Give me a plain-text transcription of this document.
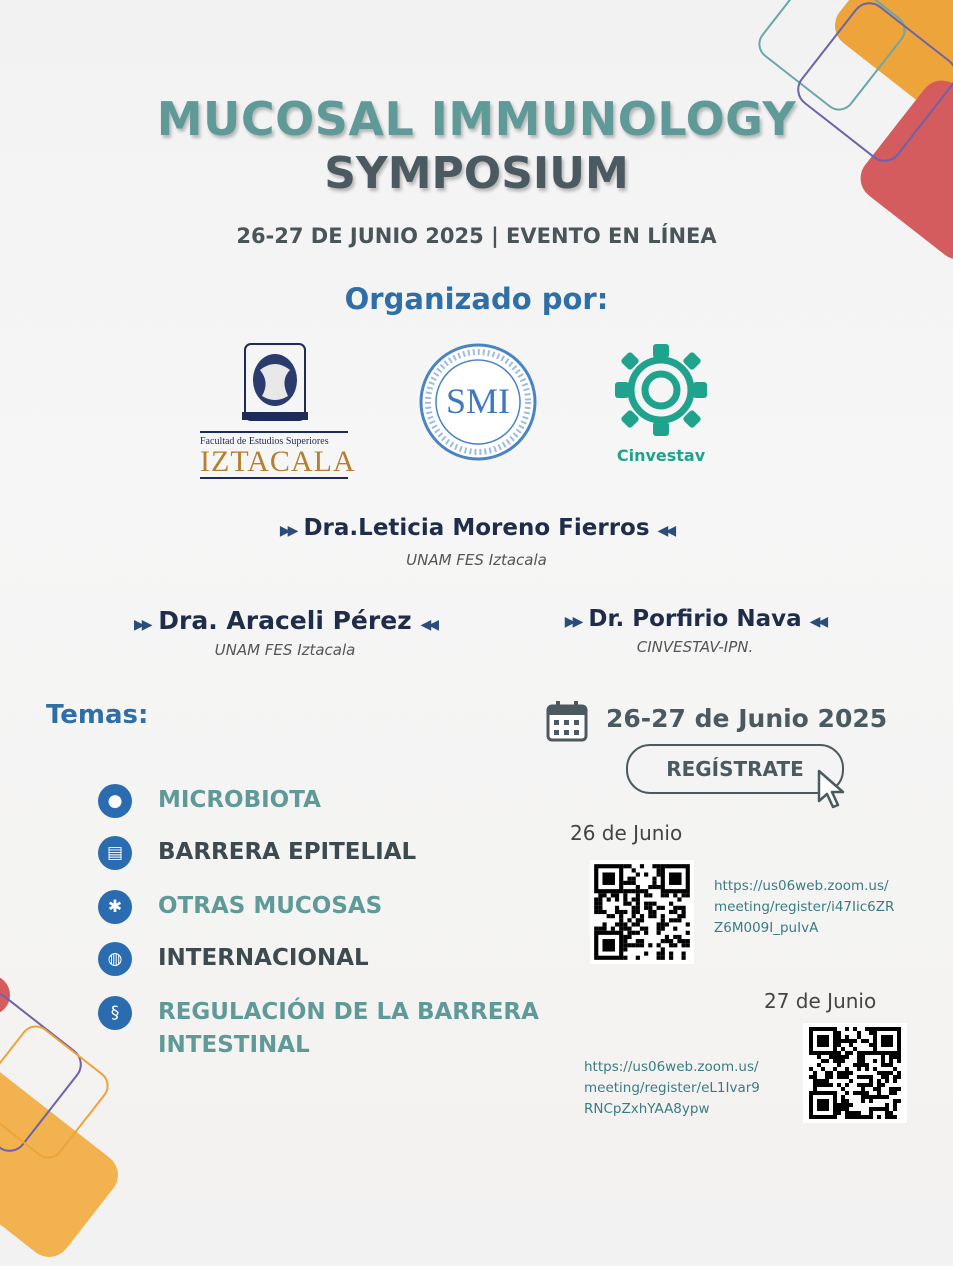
MUCOSAL IMMUNOLOGY
SYMPOSIUM
26-27 DE JUNIO 2025 | EVENTO EN LÍNEA
Organizado por:
Facultad de Estudios Superiores
IZTACALA
SMI
Cinvestav
▶▶ Dra.Leticia Moreno Fierros ◀◀
UNAM FES Iztacala
▶▶ Dra. Araceli Pérez ◀◀
UNAM FES Iztacala
▶▶ Dr. Porfirio Nava ◀◀
CINVESTAV-IPN.
Temas:
●	MICROBIOTA
▤	BARRERA EPITELIAL
✱	OTRAS MUCOSAS
◍	INTERNACIONAL
§	REGULACIÓN DE LA BARRERA
INTESTINAL
26-27 de Junio 2025
REGÍSTRATE
26 de Junio
https://us06web.zoom.us/
meeting/register/i47Iic6ZR
Z6M009I_puIvA
27 de Junio
https://us06web.zoom.us/
meeting/register/eL1Ivar9
RNCpZxhYAA8ypw
